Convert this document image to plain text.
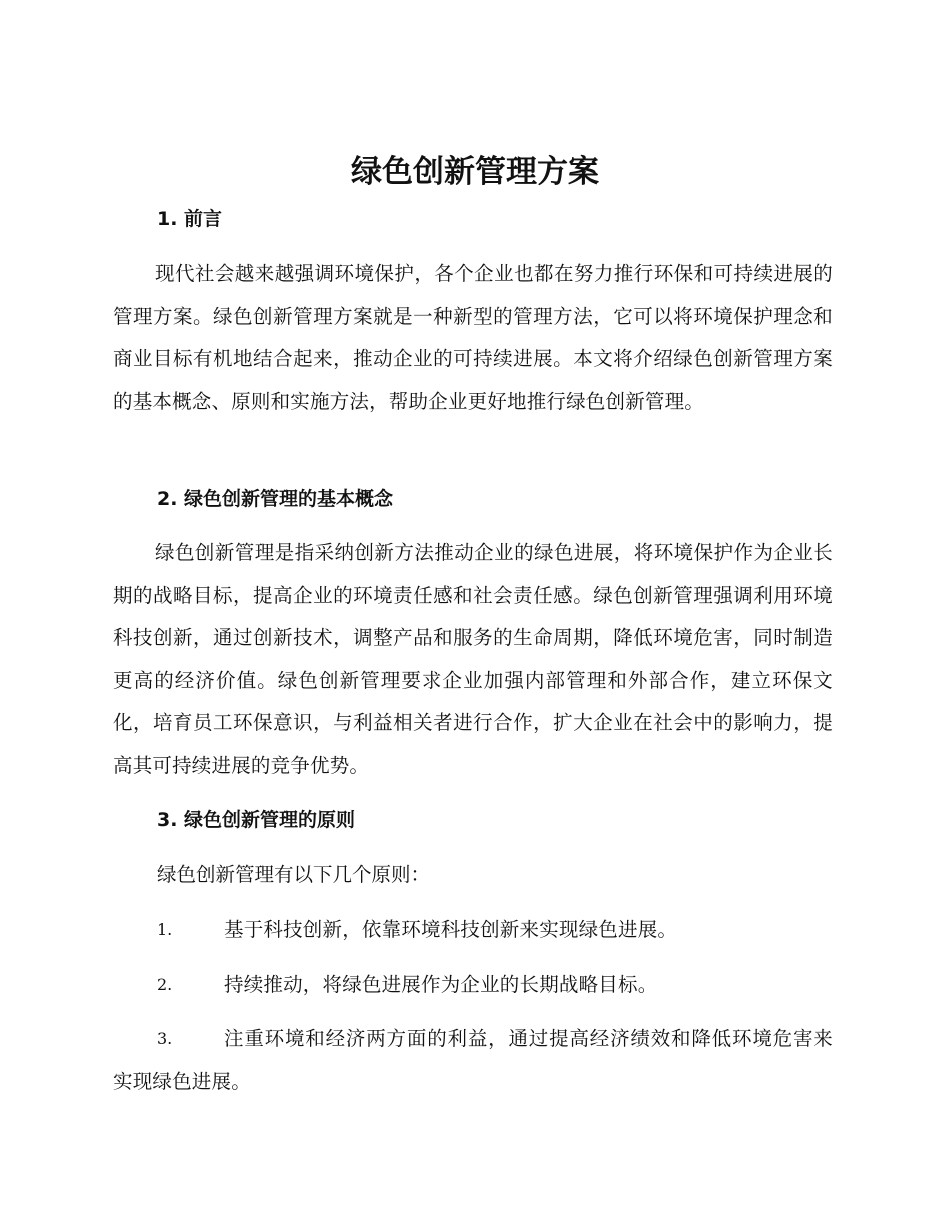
绿色创新管理方案
1. 前言

现代社会越来越强调环境保护，各个企业也都在努力推行环保和可持续进展的管理方案。绿色创新管理方案就是一种新型的管理方法，它可以将环境保护理念和商业目标有机地结合起来，推动企业的可持续进展。本文将介绍绿色创新管理方案的基本概念、原则和实施方法，帮助企业更好地推行绿色创新管理。

2. 绿色创新管理的基本概念

绿色创新管理是指采纳创新方法推动企业的绿色进展，将环境保护作为企业长期的战略目标，提高企业的环境责任感和社会责任感。绿色创新管理强调利用环境科技创新，通过创新技术，调整产品和服务的生命周期，降低环境危害，同时制造更高的经济价值。绿色创新管理要求企业加强内部管理和外部合作，建立环保文化，培育员工环保意识，与利益相关者进行合作，扩大企业在社会中的影响力，提高其可持续进展的竞争优势。

3. 绿色创新管理的原则

绿色创新管理有以下几个原则：

1.	基于科技创新，依靠环境科技创新来实现绿色进展。
2.	持续推动，将绿色进展作为企业的长期战略目标。
3.	注重环境和经济两方面的利益，通过提高经济绩效和降低环境危害来实现绿色进展。
